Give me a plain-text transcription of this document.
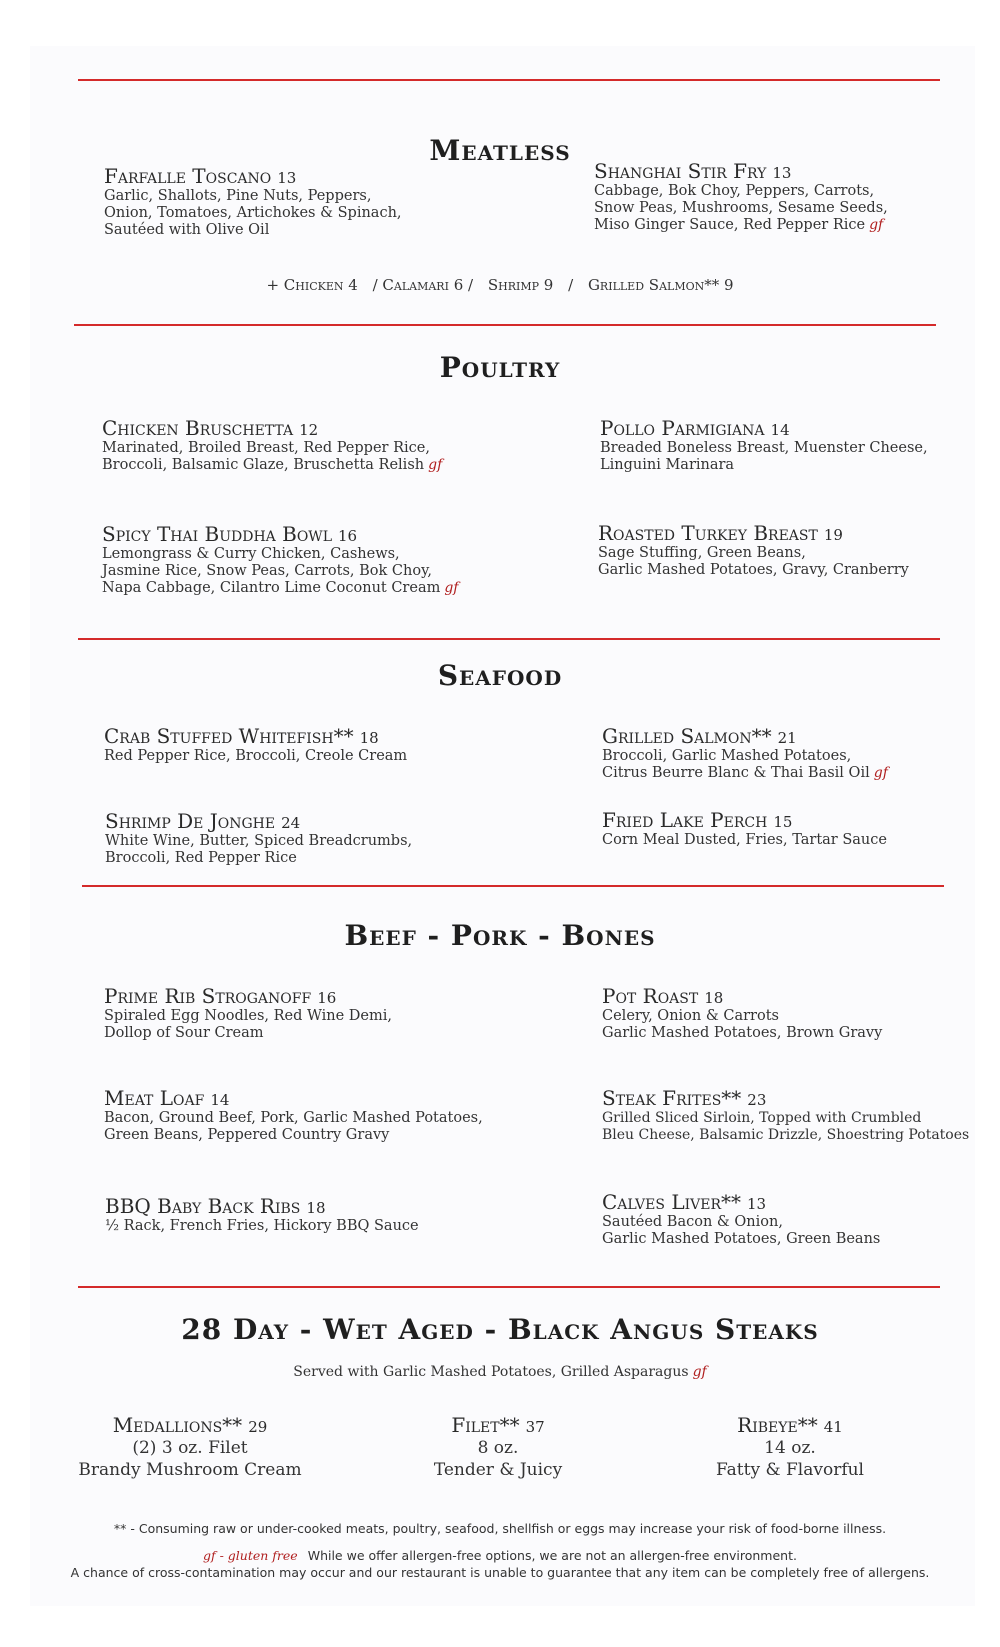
Meatless
Farfalle Toscano 13
Garlic, Shallots, Pine Nuts, Peppers,
Onion, Tomatoes, Artichokes & Spinach,
Sautéed with Olive Oil
Shanghai Stir Fry 13
Cabbage, Bok Choy, Peppers, Carrots,
Snow Peas, Mushrooms, Sesame Seeds,
Miso Ginger Sauce, Red Pepper Rice gf
+ Chicken 4 / Calamari 6 / Shrimp 9 / Grilled Salmon** 9
Poultry
Chicken Bruschetta 12
Marinated, Broiled Breast, Red Pepper Rice,
Broccoli, Balsamic Glaze, Bruschetta Relish gf
Pollo Parmigiana 14
Breaded Boneless Breast, Muenster Cheese,
Linguini Marinara
Spicy Thai Buddha Bowl 16
Lemongrass & Curry Chicken, Cashews,
Jasmine Rice, Snow Peas, Carrots, Bok Choy,
Napa Cabbage, Cilantro Lime Coconut Cream gf
Roasted Turkey Breast 19
Sage Stuffing, Green Beans,
Garlic Mashed Potatoes, Gravy, Cranberry
Seafood
Crab Stuffed Whitefish** 18
Red Pepper Rice, Broccoli, Creole Cream
Grilled Salmon** 21
Broccoli, Garlic Mashed Potatoes,
Citrus Beurre Blanc & Thai Basil Oil gf
Shrimp De Jonghe 24
White Wine, Butter, Spiced Breadcrumbs,
Broccoli, Red Pepper Rice
Fried Lake Perch 15
Corn Meal Dusted, Fries, Tartar Sauce
Beef - Pork - Bones
Prime Rib Stroganoff 16
Spiraled Egg Noodles, Red Wine Demi,
Dollop of Sour Cream
Pot Roast 18
Celery, Onion & Carrots
Garlic Mashed Potatoes, Brown Gravy
Meat Loaf 14
Bacon, Ground Beef, Pork, Garlic Mashed Potatoes,
Green Beans, Peppered Country Gravy
Steak Frites** 23
Grilled Sliced Sirloin, Topped with Crumbled
Bleu Cheese, Balsamic Drizzle, Shoestring Potatoes
BBQ Baby Back Ribs 18
½ Rack, French Fries, Hickory BBQ Sauce
Calves Liver** 13
Sautéed Bacon & Onion,
Garlic Mashed Potatoes, Green Beans
28 Day - Wet Aged - Black Angus Steaks
Served with Garlic Mashed Potatoes, Grilled Asparagus gf
Medallions** 29
(2) 3 oz. Filet
Brandy Mushroom Cream
Filet** 37
8 oz.
Tender & Juicy
Ribeye** 41
14 oz.
Fatty & Flavorful
** - Consuming raw or under-cooked meats, poultry, seafood, shellfish or eggs may increase your risk of food-borne illness.
gf - gluten free While we offer allergen-free options, we are not an allergen-free environment.
A chance of cross-contamination may occur and our restaurant is unable to guarantee that any item can be completely free of allergens.
